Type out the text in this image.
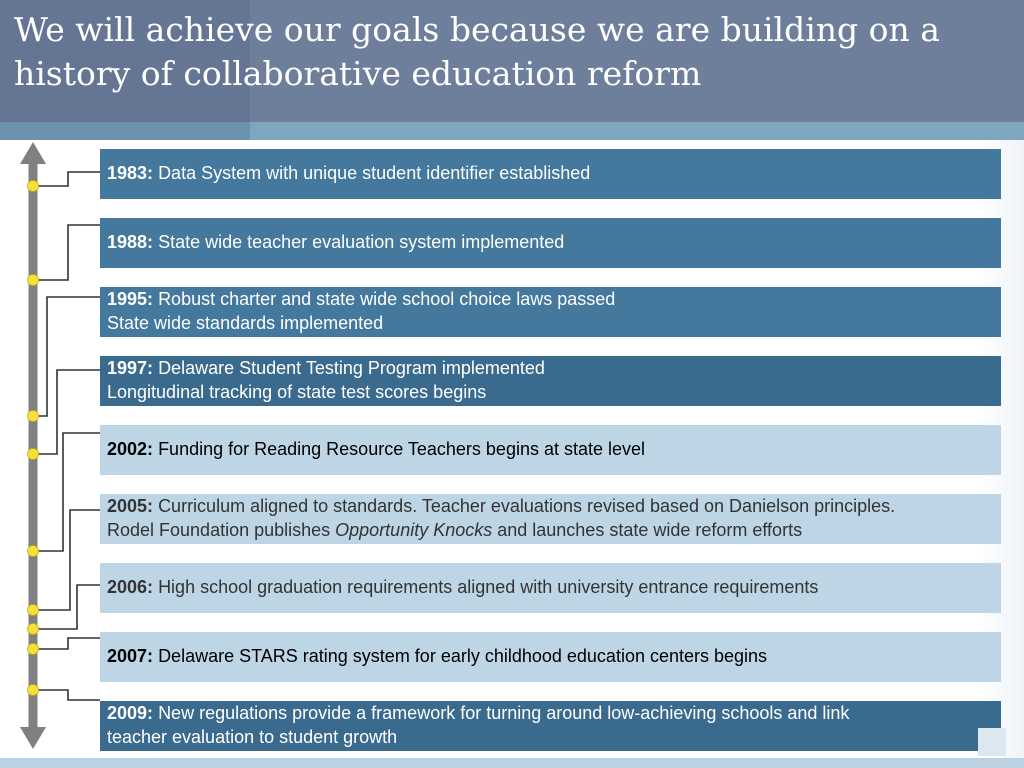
We will achieve our goals because we are building on a history of collaborative education reform
1983: Data System with unique student identifier established
1988: State wide teacher evaluation system implemented
1995: Robust charter and state wide school choice laws passed
State wide standards implemented
1997: Delaware Student Testing Program implemented
Longitudinal tracking of state test scores begins
2002: Funding for Reading Resource Teachers begins at state level
2005: Curriculum aligned to standards. Teacher evaluations revised based on Danielson principles.
Rodel Foundation publishes Opportunity Knocks and launches state wide reform efforts
2006: High school graduation requirements aligned with university entrance requirements
2007: Delaware STARS rating system for early childhood education centers begins
2009: New regulations provide a framework for turning around low-achieving schools and link
teacher evaluation to student growth
